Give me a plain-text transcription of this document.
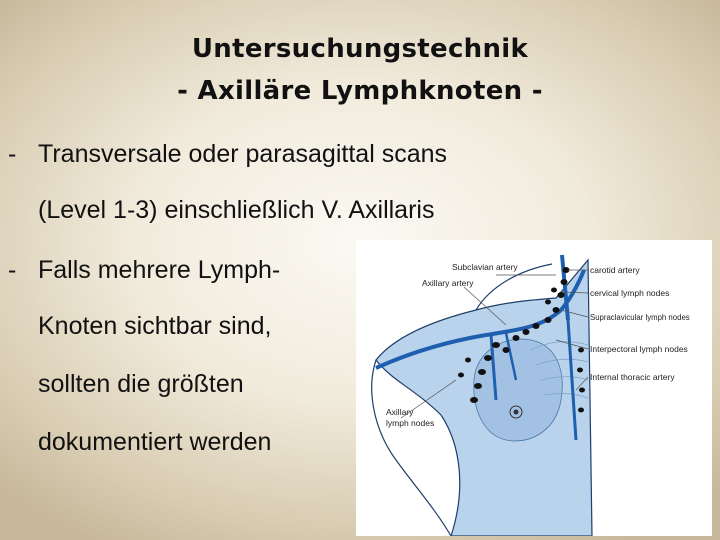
Untersuchungstechnik
- Axilläre Lymphknoten -
- Transversale oder parasagittal scans
(Level 1-3) einschließlich V. Axillaris
- Falls mehrere Lymph-
Knoten sichtbar sind,
sollten die größten
dokumentiert werden
Subclavian artery
Axillary artery
Axillary
lymph nodes
carotid artery
cervical lymph nodes
Supraclavicular lymph nodes
Interpectoral lymph nodes
Internal thoracic artery
